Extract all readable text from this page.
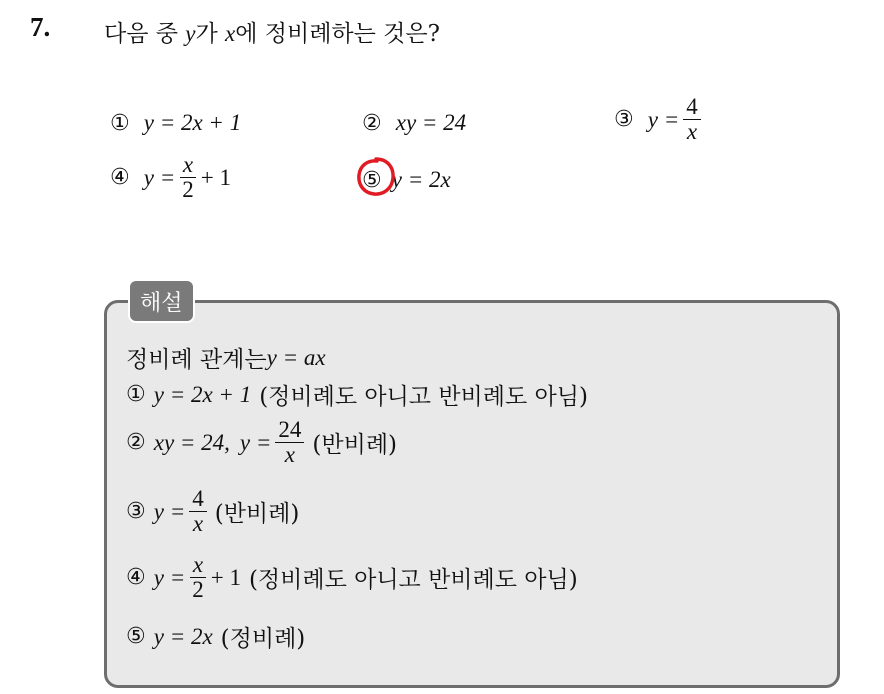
7. 다음 중 y가 x에 정비례하는 것은?
① y = 2x + 1	② xy = 24	③ $y = \frac{4}{x}$
④ $y = \frac{x}{2} + 1$	⑤ y = 2x
해설
정비례 관계는 y = ax
① y = 2x + 1 (정비례도 아니고 반비례도 아님)
② xy = 24, $y = \frac{24}{x}$ (반비례)
③ $y = \frac{4}{x}$ (반비례)
④ $y = \frac{x}{2} + 1$ (정비례도 아니고 반비례도 아님)
⑤ y = 2x (정비례)
